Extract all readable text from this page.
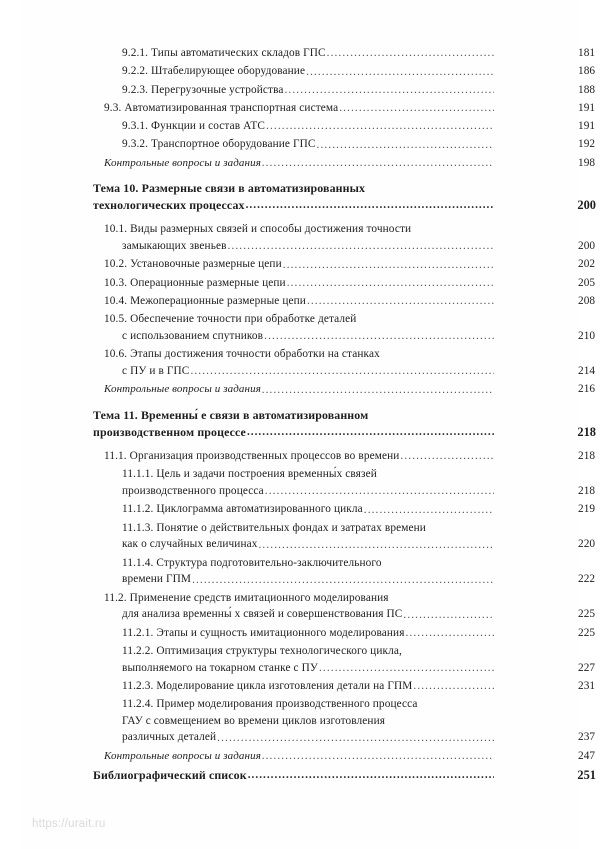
9.2.1. Типы автоматических складов ГПС .....	181
9.2.2. Штабелирующее оборудование .....	186
9.2.3. Перегрузочные устройства .....	188
9.3. Автоматизированная транспортная система .....	191
9.3.1. Функции и состав АТС .....	191
9.3.2. Транспортное оборудование ГПС .....	192
Контрольные вопросы и задания .....	198
Тема 10. Размерные связи в автоматизированных
технологических процессах .....	200
10.1. Виды размерных связей и способы достижения точности
замыкающих звеньев .....	200
10.2. Установочные размерные цепи .....	202
10.3. Операционные размерные цепи .....	205
10.4. Межоперационные размерные цепи .....	208
10.5. Обеспечение точности при обработке деталей
с использованием спутников .....	210
10.6. Этапы достижения точности обработки на станках
с ПУ и в ГПС .....	214
Контрольные вопросы и задания .....	216
Тема 11. Временны́ е связи в автоматизированном
производственном процессе .....	218
11.1. Организация производственных процессов во времени .....	218
11.1.1. Цель и задачи построения временны́х связей
производственного процесса .....	218
11.1.2. Циклограмма автоматизированного цикла .....	219
11.1.3. Понятие о действительных фондах и затратах времени
как о случайных величинах .....	220
11.1.4. Структура подготовительно-заключительного
времени ГПМ .....	222
11.2. Применение средств имитационного моделирования
для анализа временны́ х связей и совершенствования ПС .....	225
11.2.1. Этапы и сущность имитационного моделирования .....	225
11.2.2. Оптимизация структуры технологического цикла,
выполняемого на токарном станке с ПУ .....	227
11.2.3. Моделирование цикла изготовления детали на ГПМ .....	231
11.2.4. Пример моделирования производственного процесса
ГАУ с совмещением во времени циклов изготовления
различных деталей .....	237
Контрольные вопросы и задания .....	247
Библиографический список .....	251
https://urait.ru
